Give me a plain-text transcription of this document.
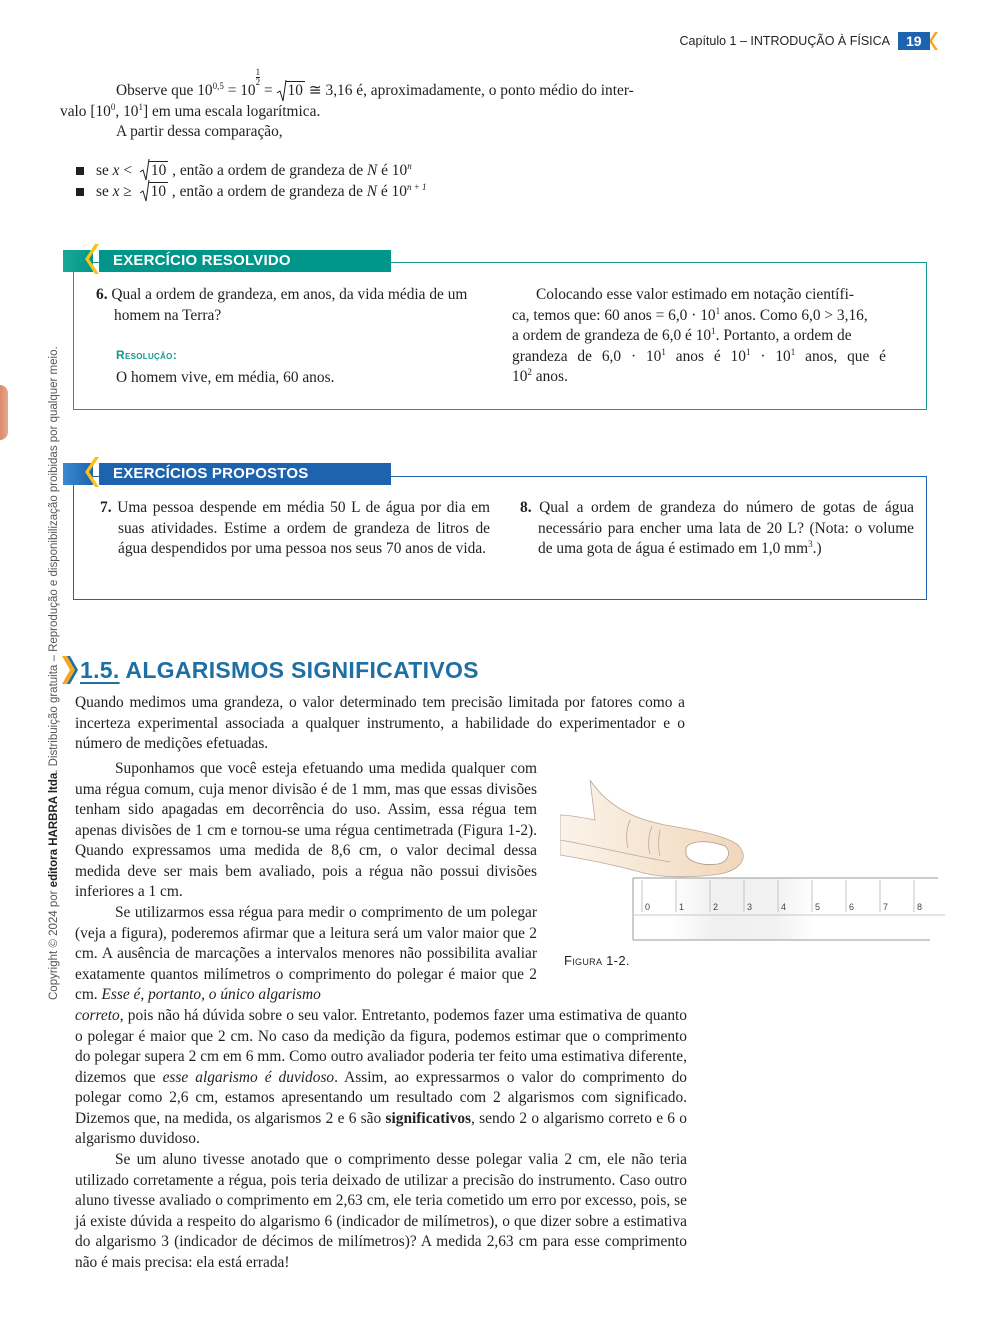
Capítulo 1 – INTRODUÇÃO À FÍSICA	19
Copyright © 2024 por editora HARBRA ltda. Distribuição gratuita – Reprodução e disponibilização proibidas por qualquer meio.
Observe que $10^{0,5} = 10$
$\frac{1}{2}$
=
10 ≅ 3,16 é, aproximadamente, o ponto médio do inter-
valo [$10^0$, $10^1$] em uma escala logarítmica.
A partir dessa comparação,
se x <
10 , então a ordem de grandeza de N é 10$^n$
se x ≥
10 , então a ordem de grandeza de N é $10^{n + 1}$
EXERCÍCIO RESOLVIDO
6. Qual a ordem de grandeza, em anos, da vida média de um homem na Terra?
Resolução:
O homem vive, em média, 60 anos.
Colocando esse valor estimado em notação científi-
ca, temos que: 60 anos = $6,0 \cdot 10^1$ anos. Como 6,0 > 3,16,
a ordem de grandeza de 6,0 é $10^1$. Portanto, a ordem de
grandeza de $6,0 \cdot 10^1$ anos é $10^1 \cdot 10^1$ anos, que é
$10^2$ anos.
EXERCÍCIOS PROPOSTOS
7. Uma pessoa despende em média 50 L de água por dia em suas atividades. Estime a ordem de grandeza de litros de água despendidos por uma pessoa nos seus 70 anos de vida.
8. Qual a ordem de grandeza do número de gotas de água necessário para encher uma lata de 20 L? (Nota: o volume de uma gota de água é estimado em 1,0 $mm^3$.)
1.5. ALGARISMOS SIGNIFICATIVOS
Quando medimos uma grandeza, o valor determinado tem precisão limitada por fatores como a incerteza experimental associada a qualquer instrumento, a habilidade do experimentador e o número de medições efetuadas.
Suponhamos que você esteja efetuando uma medida qualquer com uma régua comum, cuja menor divisão é de 1 mm, mas que essas divisões tenham sido apagadas em decorrência do uso. Assim, essa régua tem apenas divisões de 1 cm e tornou-se uma régua centimetrada (Figura 1-2). Quando expressamos uma medida de 8,6 cm, o valor decimal dessa medida deve ser mais bem avaliado, pois a régua não possui divisões inferiores a 1 cm.
Se utilizarmos essa régua para medir o comprimento de um polegar (veja a figura), poderemos afirmar que a leitura será um valor maior que 2 cm. A ausência de marcações a intervalos menores não possibilita avaliar exatamente quantos milímetros o comprimento do polegar é maior que 2 cm. Esse é, portanto, o único algarismo
correto, pois não há dúvida sobre o seu valor. Entretanto, podemos fazer uma estimativa de quanto o polegar é maior que 2 cm. No caso da medição da figura, podemos estimar que o comprimento do polegar supera 2 cm em 6 mm. Como outro avaliador poderia ter feito uma estimativa diferente, dizemos que esse algarismo é duvidoso. Assim, ao expressarmos o valor do comprimento do polegar como 2,6 cm, estamos apresentando um resultado com 2 algarismos com significado. Dizemos que, na medida, os algarismos 2 e 6 são significativos, sendo 2 o algarismo correto e 6 o algarismo duvidoso.
Se um aluno tivesse anotado que o comprimento desse polegar valia 2 cm, ele não teria utilizado corretamente a régua, pois teria deixado de utilizar a precisão do instrumento. Caso outro aluno tivesse avaliado o comprimento em 2,63 cm, ele teria cometido um erro por excesso, pois, se já existe dúvida a respeito do algarismo 6 (indicador de milímetros), o que dizer sobre a estimativa do algarismo 3 (indicador de décimos de milímetros)? A medida 2,63 cm para esse comprimento não é mais precisa: ela está errada!
0	1	2	3	4	5	6	7	8
Figura 1-2.
